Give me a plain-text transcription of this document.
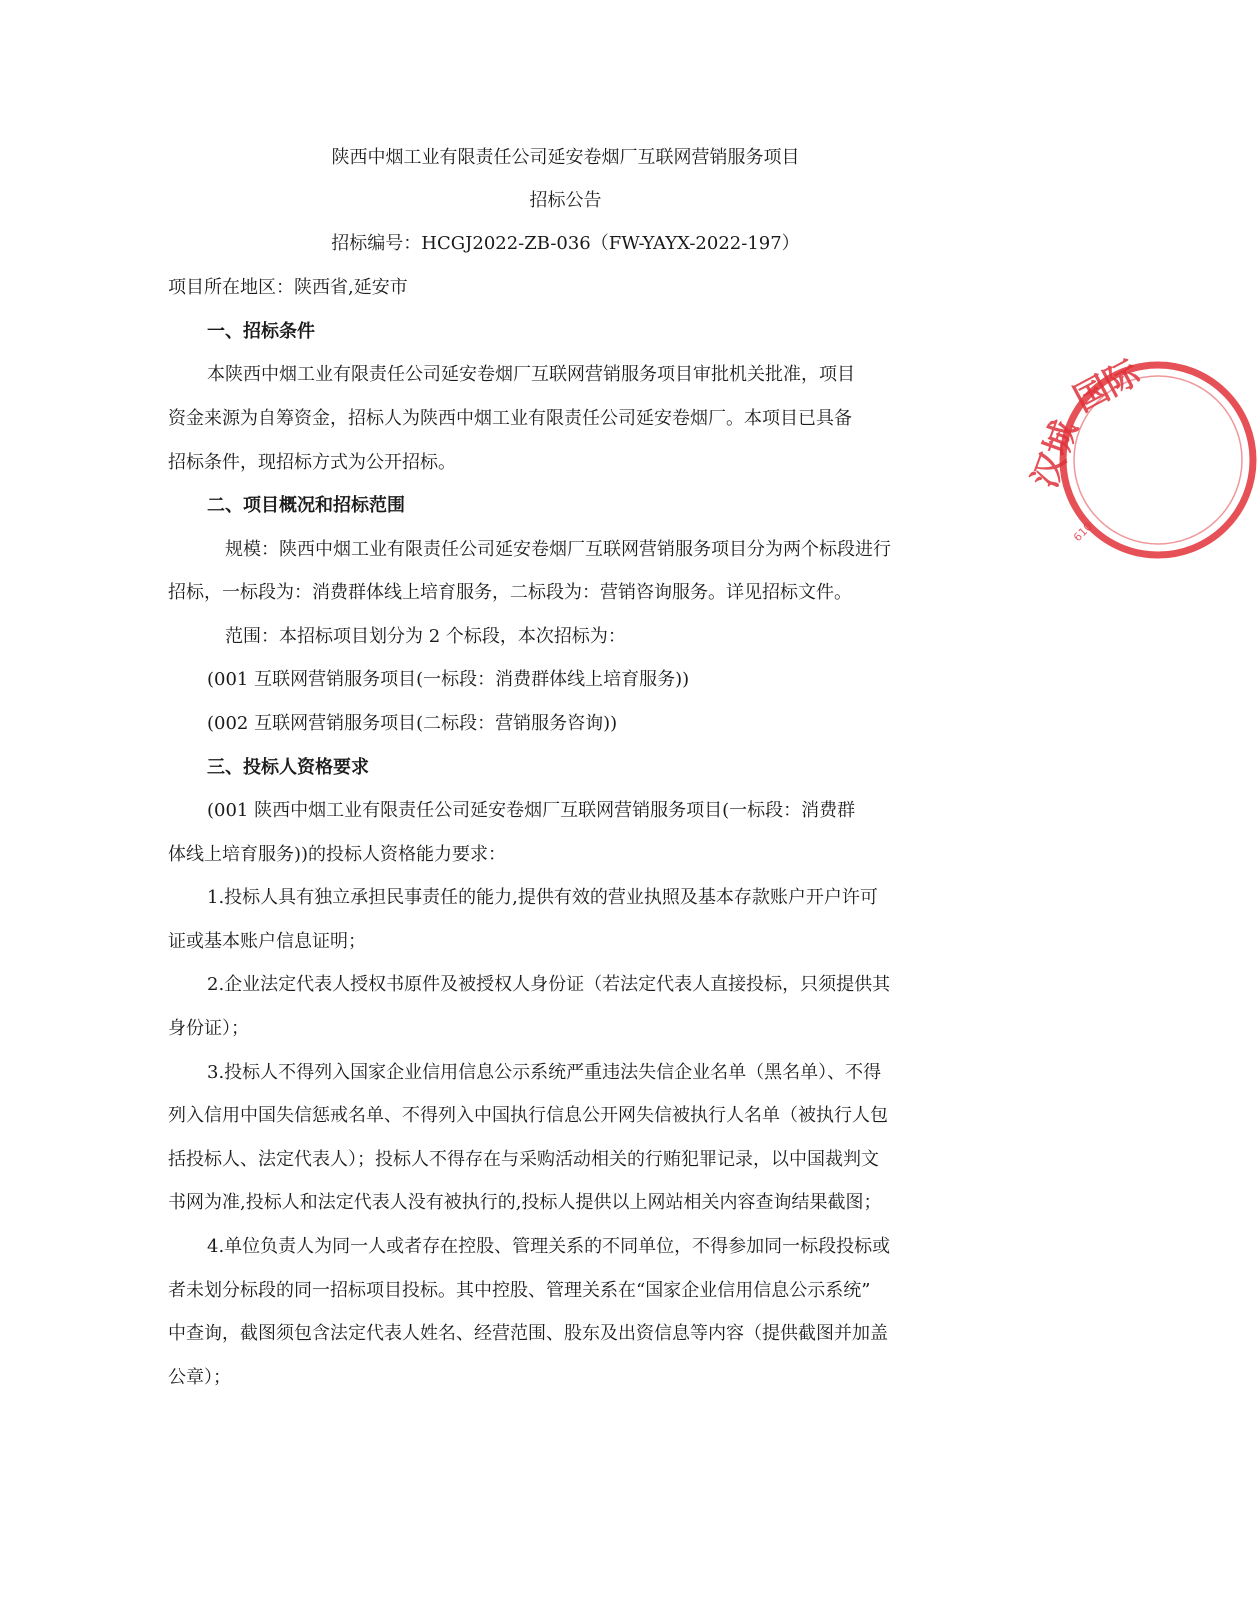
陕西中烟工业有限责任公司延安卷烟厂互联网营销服务项目
招标公告
招标编号：HCGJ2022-ZB-036（FW-YAYX-2022-197）
项目所在地区：陕西省,延安市
一、招标条件
本陕西中烟工业有限责任公司延安卷烟厂互联网营销服务项目审批机关批准，项目
资金来源为自筹资金，招标人为陕西中烟工业有限责任公司延安卷烟厂。本项目已具备
招标条件，现招标方式为公开招标。
二、项目概况和招标范围
规模：陕西中烟工业有限责任公司延安卷烟厂互联网营销服务项目分为两个标段进行
招标，一标段为：消费群体线上培育服务，二标段为：营销咨询服务。详见招标文件。
范围：本招标项目划分为 2 个标段，本次招标为：
(001 互联网营销服务项目(一标段：消费群体线上培育服务))
(002 互联网营销服务项目(二标段：营销服务咨询))
三、投标人资格要求
(001 陕西中烟工业有限责任公司延安卷烟厂互联网营销服务项目(一标段：消费群
体线上培育服务))的投标人资格能力要求：
1.投标人具有独立承担民事责任的能力,提供有效的营业执照及基本存款账户开户许可
证或基本账户信息证明；
2.企业法定代表人授权书原件及被授权人身份证（若法定代表人直接投标，只须提供其
身份证）；
3.投标人不得列入国家企业信用信息公示系统严重违法失信企业名单（黑名单）、不得
列入信用中国失信惩戒名单、不得列入中国执行信息公开网失信被执行人名单（被执行人包
括投标人、法定代表人）；投标人不得存在与采购活动相关的行贿犯罪记录，以中国裁判文
书网为准,投标人和法定代表人没有被执行的,投标人提供以上网站相关内容查询结果截图；
4.单位负责人为同一人或者存在控股、管理关系的不同单位，不得参加同一标段投标或
者未划分标段的同一招标项目投标。其中控股、管理关系在“国家企业信用信息公示系统”
中查询，截图须包含法定代表人姓名、经营范围、股东及出资信息等内容（提供截图并加盖
公章）；
汉城
国际
610
